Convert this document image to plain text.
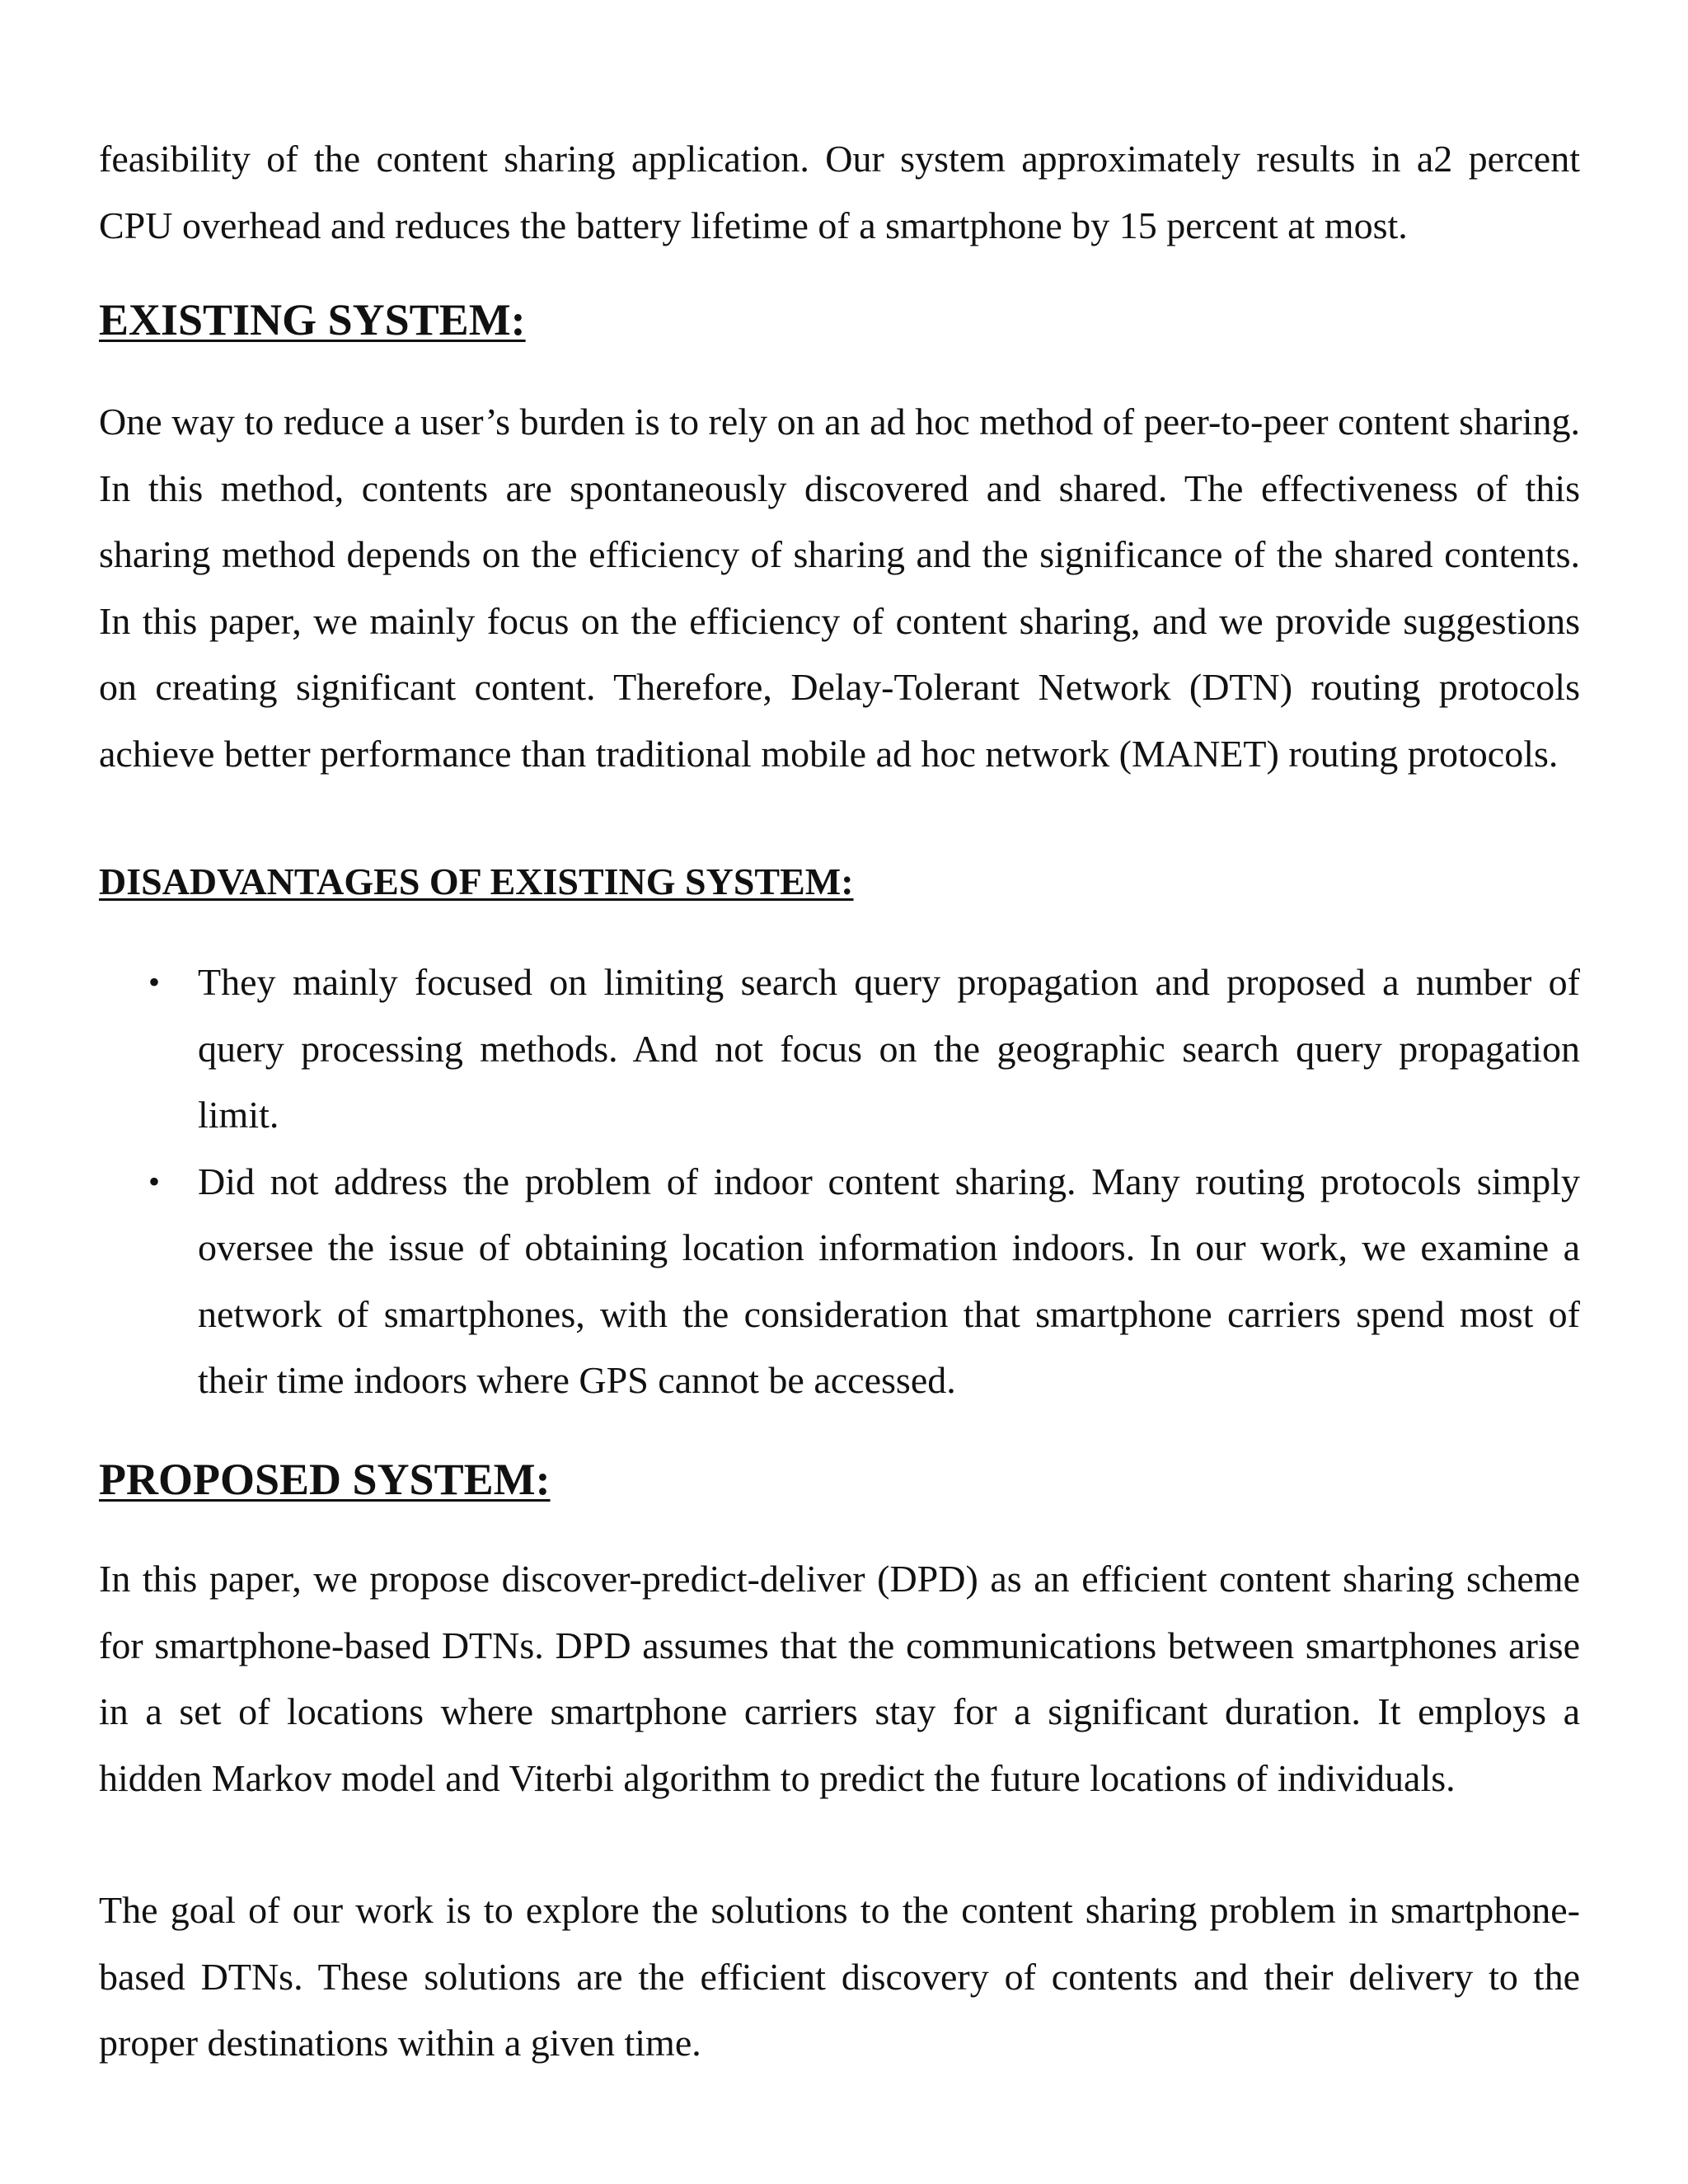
feasibility of the content sharing application. Our system approximately results in a2 percent CPU overhead and reduces the battery lifetime of a smartphone by 15 percent at most.

EXISTING SYSTEM:

One way to reduce a user’s burden is to rely on an ad hoc method of peer-to-peer content sharing. In this method, contents are spontaneously discovered and shared. The effectiveness of this sharing method depends on the efficiency of sharing and the significance of the shared contents. In this paper, we mainly focus on the efficiency of content sharing, and we provide suggestions on creating significant content. Therefore, Delay-Tolerant Network (DTN) routing protocols achieve better performance than traditional mobile ad hoc network (MANET) routing protocols.

DISADVANTAGES OF EXISTING SYSTEM:
• They mainly focused on limiting search query propagation and proposed a number of query processing methods. And not focus on the geographic search query propagation limit.
• Did not address the problem of indoor content sharing. Many routing protocols simply oversee the issue of obtaining location information indoors. In our work, we examine a network of smartphones, with the consideration that smartphone carriers spend most of their time indoors where GPS cannot be accessed.
PROPOSED SYSTEM:

In this paper, we propose discover-predict-deliver (DPD) as an efficient content sharing scheme for smartphone-based DTNs. DPD assumes that the communications between smartphones arise in a set of locations where smartphone carriers stay for a significant duration. It employs a hidden Markov model and Viterbi algorithm to predict the future locations of individuals.

The goal of our work is to explore the solutions to the content sharing problem in smartphone-based DTNs. These solutions are the efficient discovery of contents and their delivery to the proper destinations within a given time.
